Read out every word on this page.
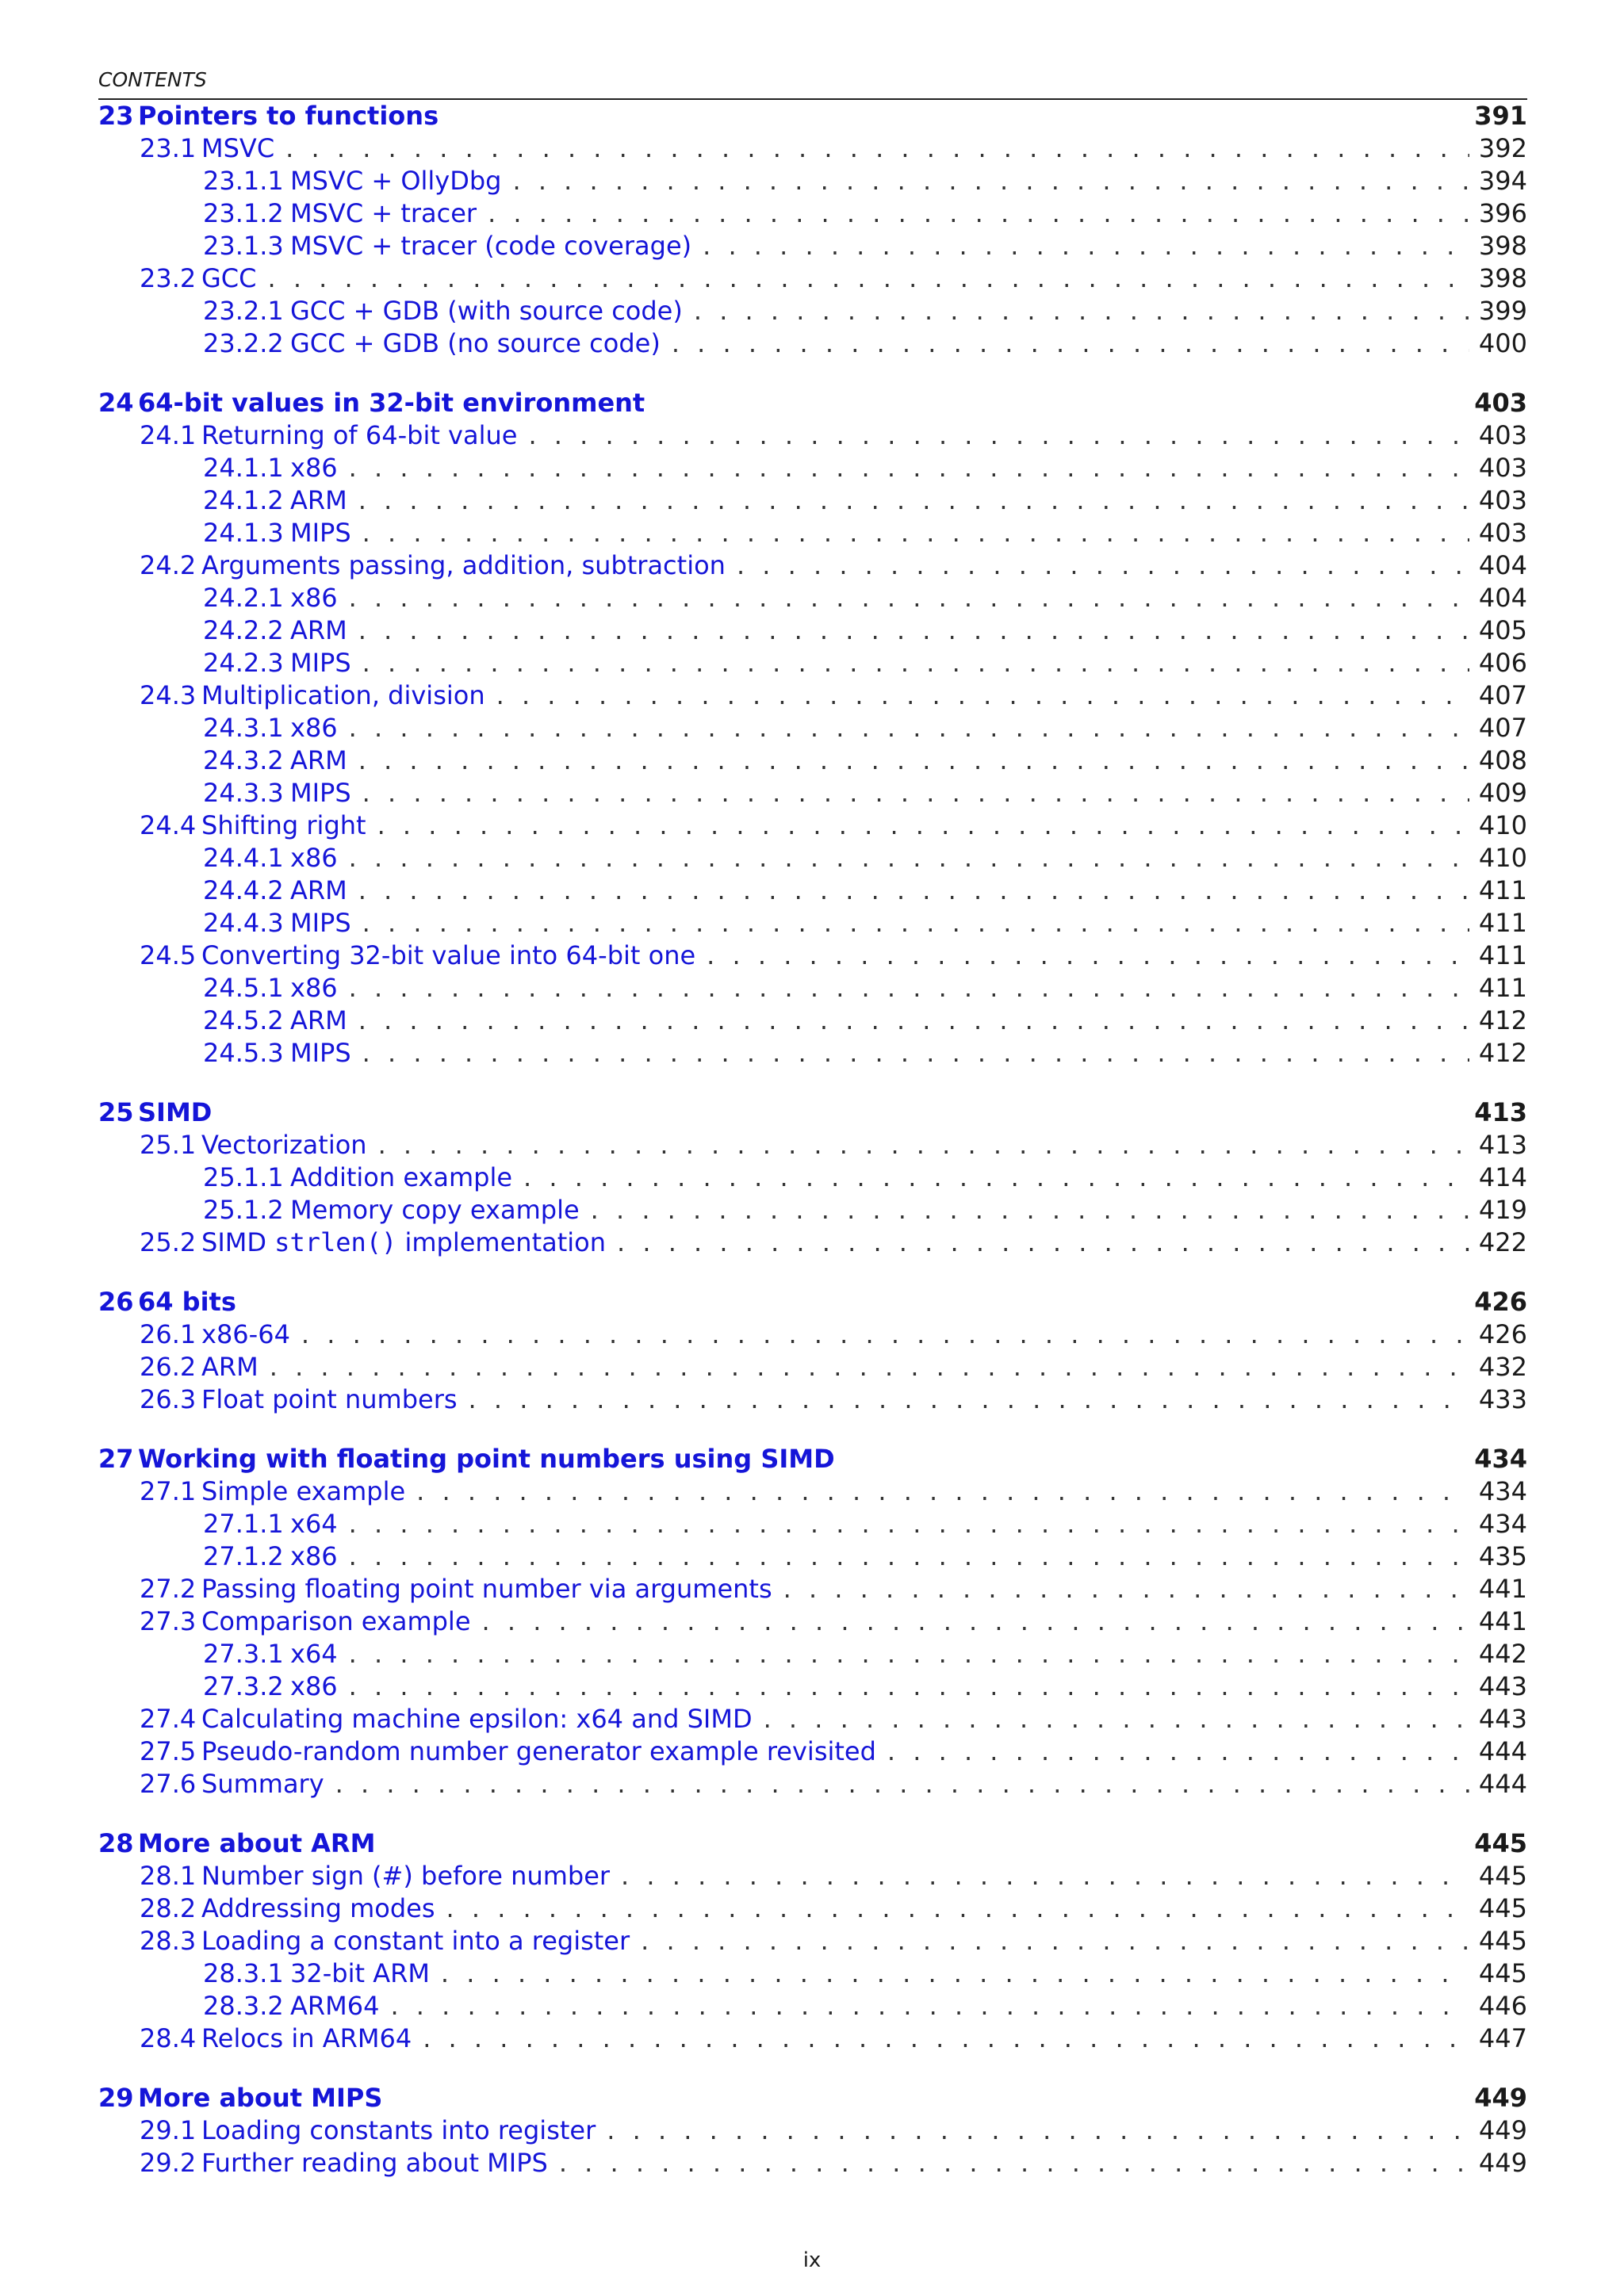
CONTENTS
23 Pointers to functions	391
23.1 MSVC . . .	392
23.1.1 MSVC + OllyDbg . . .	394
23.1.2 MSVC + tracer . . .	396
23.1.3 MSVC + tracer (code coverage) . . .	398
23.2 GCC . . .	398
23.2.1 GCC + GDB (with source code) . . .	399
23.2.2 GCC + GDB (no source code) . . .	400
24 64-bit values in 32-bit environment	403
24.1 Returning of 64-bit value . . .	403
24.1.1 x86 . . .	403
24.1.2 ARM . . .	403
24.1.3 MIPS . . .	403
24.2 Arguments passing, addition, subtraction . . .	404
24.2.1 x86 . . .	404
24.2.2 ARM . . .	405
24.2.3 MIPS . . .	406
24.3 Multiplication, division . . .	407
24.3.1 x86 . . .	407
24.3.2 ARM . . .	408
24.3.3 MIPS . . .	409
24.4 Shifting right . . .	410
24.4.1 x86 . . .	410
24.4.2 ARM . . .	411
24.4.3 MIPS . . .	411
24.5 Converting 32-bit value into 64-bit one . . .	411
24.5.1 x86 . . .	411
24.5.2 ARM . . .	412
24.5.3 MIPS . . .	412
25 SIMD	413
25.1 Vectorization . . .	413
25.1.1 Addition example . . .	414
25.1.2 Memory copy example . . .	419
25.2 SIMD strlen() implementation . . .	422
26 64 bits	426
26.1 x86-64 . . .	426
26.2 ARM . . .	432
26.3 Float point numbers . . .	433
27 Working with floating point numbers using SIMD	434
27.1 Simple example . . .	434
27.1.1 x64 . . .	434
27.1.2 x86 . . .	435
27.2 Passing floating point number via arguments . . .	441
27.3 Comparison example . . .	441
27.3.1 x64 . . .	442
27.3.2 x86 . . .	443
27.4 Calculating machine epsilon: x64 and SIMD . . .	443
27.5 Pseudo-random number generator example revisited . . .	444
27.6 Summary . . .	444
28 More about ARM	445
28.1 Number sign (#) before number . . .	445
28.2 Addressing modes . . .	445
28.3 Loading a constant into a register . . .	445
28.3.1 32-bit ARM . . .	445
28.3.2 ARM64 . . .	446
28.4 Relocs in ARM64 . . .	447
29 More about MIPS	449
29.1 Loading constants into register . . .	449
29.2 Further reading about MIPS . . .	449
ix
